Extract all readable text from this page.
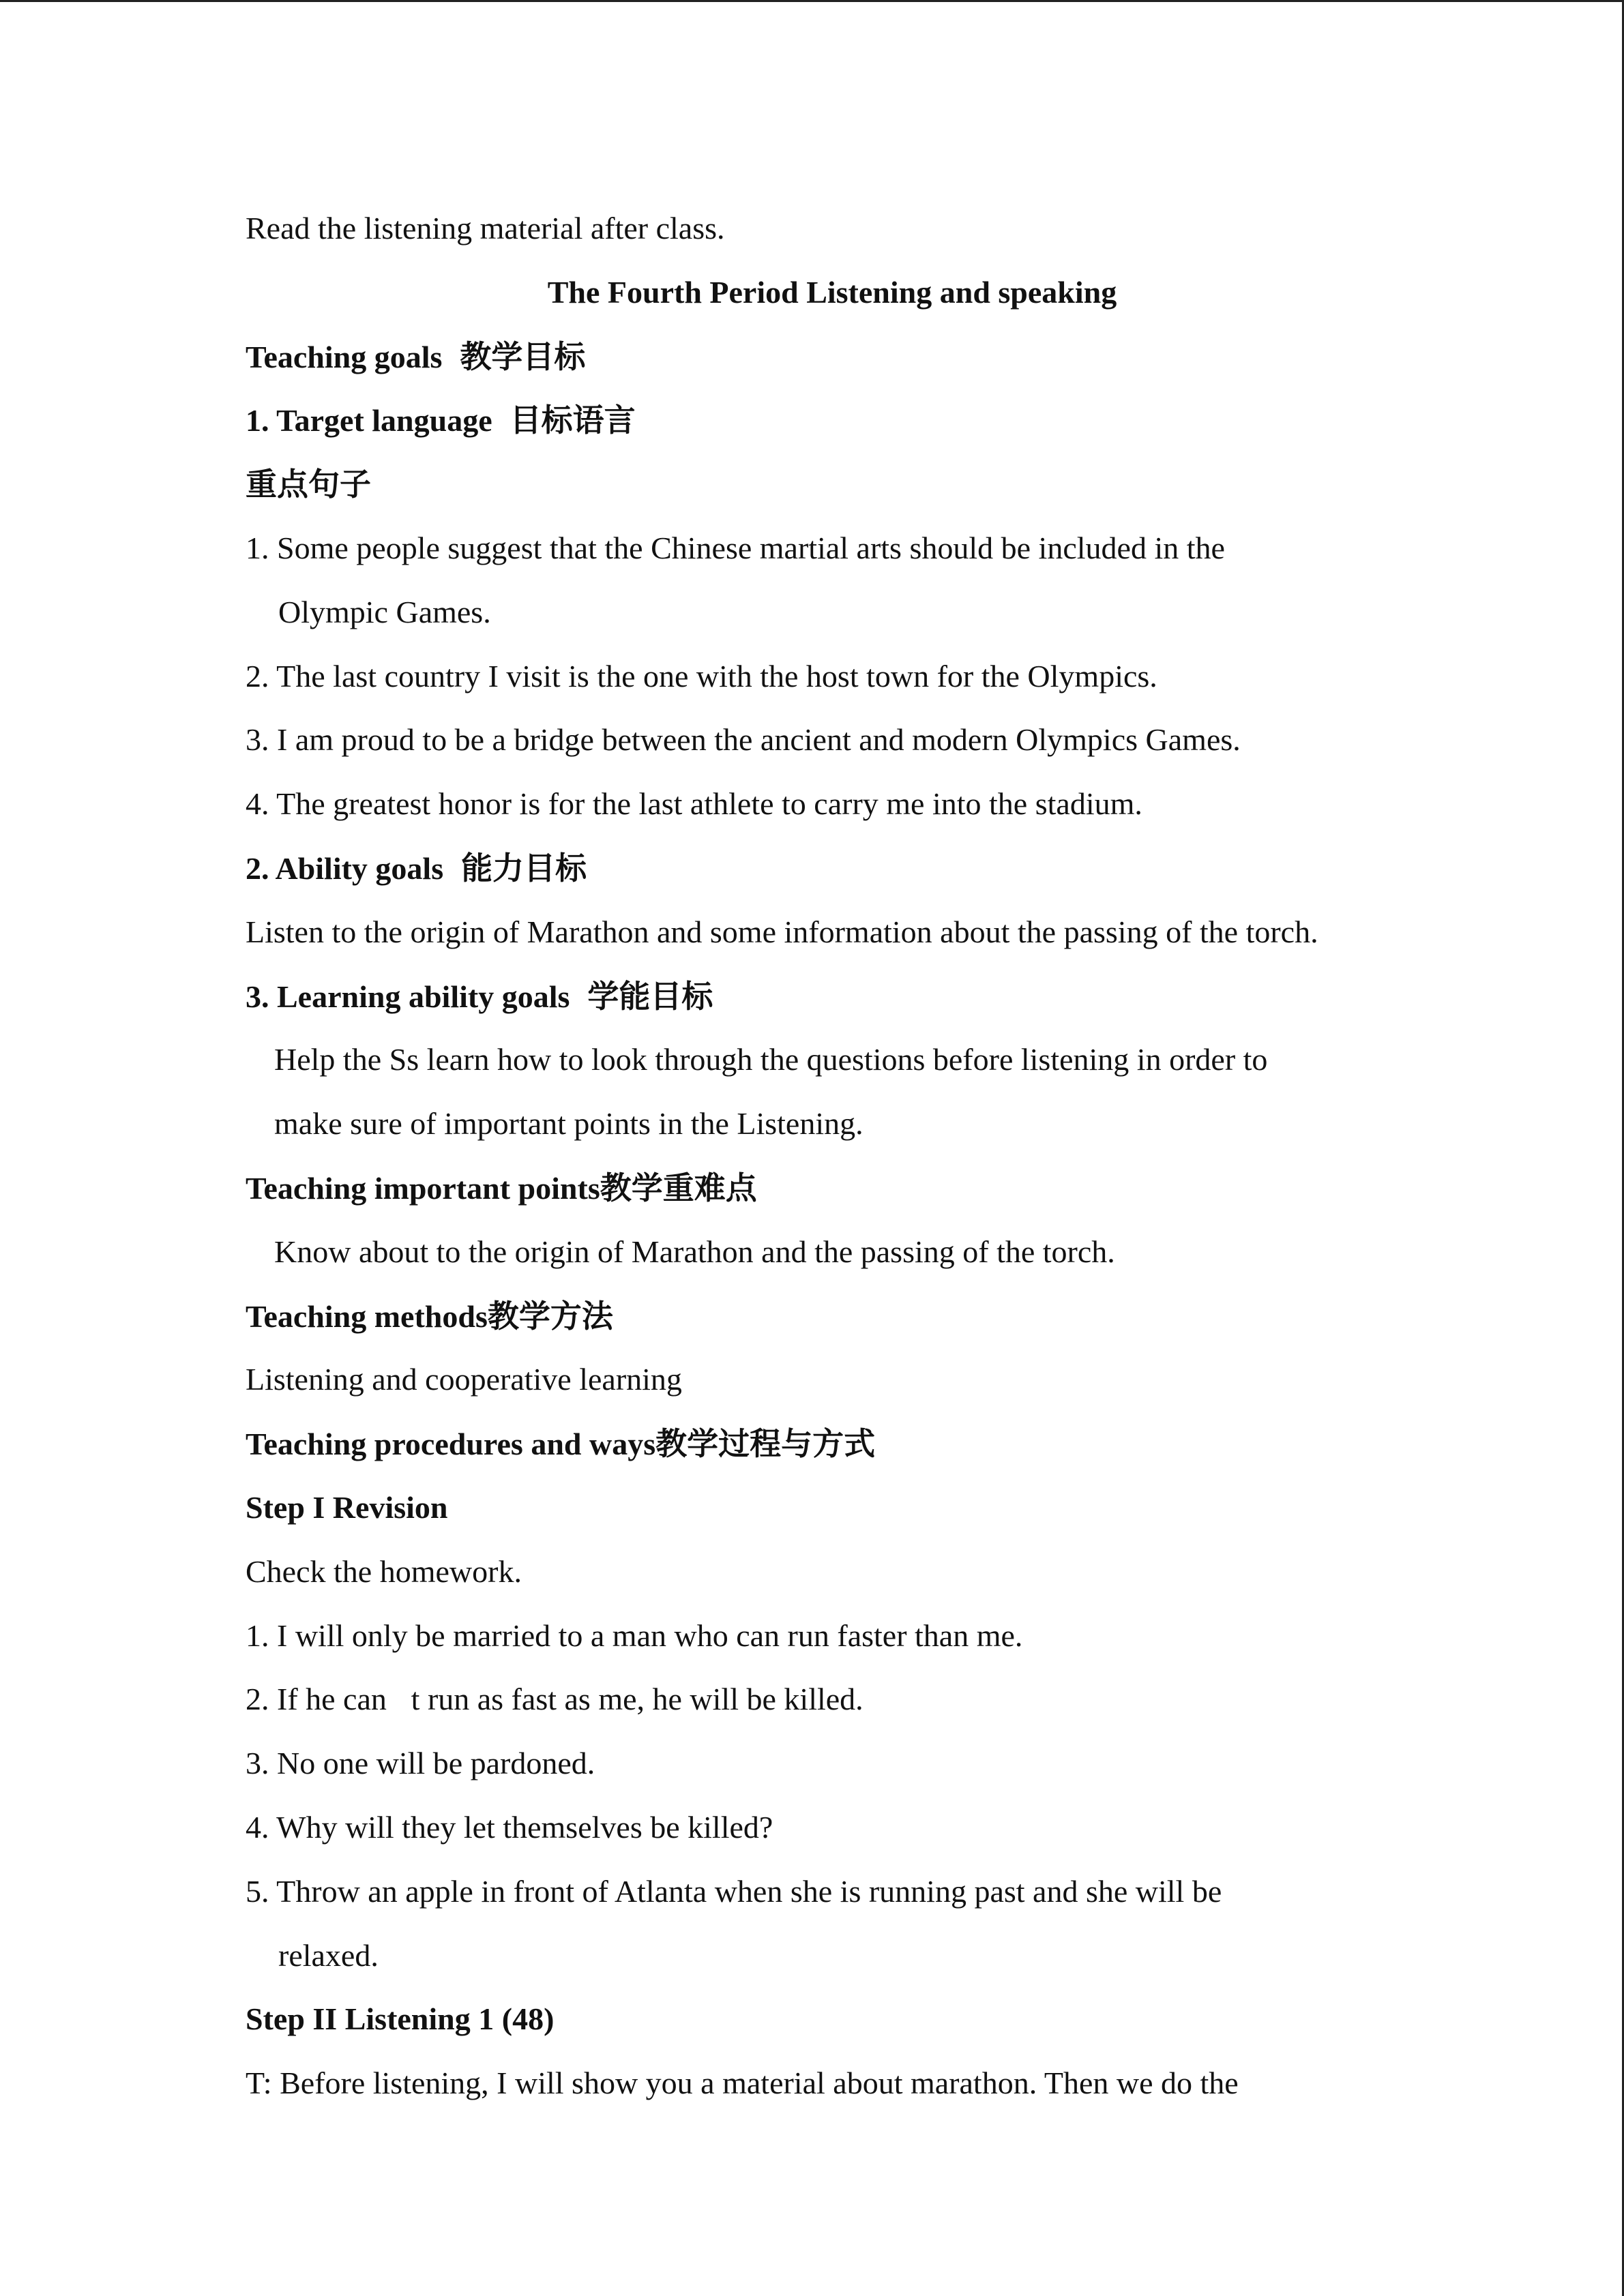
Read the listening material after class.
The Fourth Period Listening and speaking
Teaching goals 教学目标
1. Target language 目标语言
重点句子
1. Some people suggest that the Chinese martial arts should be included in the
Olympic Games.
2. The last country I visit is the one with the host town for the Olympics.
3. I am proud to be a bridge between the ancient and modern Olympics Games.
4. The greatest honor is for the last athlete to carry me into the stadium.
2. Ability goals 能力目标
Listen to the origin of Marathon and some information about the passing of the torch.
3. Learning ability goals 学能目标
Help the Ss learn how to look through the questions before listening in order to
make sure of important points in the Listening.
Teaching important points教学重难点
Know about to the origin of Marathon and the passing of the torch.
Teaching methods教学方法
Listening and cooperative learning
Teaching procedures and ways教学过程与方式
Step I Revision
Check the homework.
1. I will only be married to a man who can run faster than me.
2. If he can t run as fast as me, he will be killed.
3. No one will be pardoned.
4. Why will they let themselves be killed?
5. Throw an apple in front of Atlanta when she is running past and she will be
relaxed.
Step II Listening 1 (48)
T: Before listening, I will show you a material about marathon. Then we do the
